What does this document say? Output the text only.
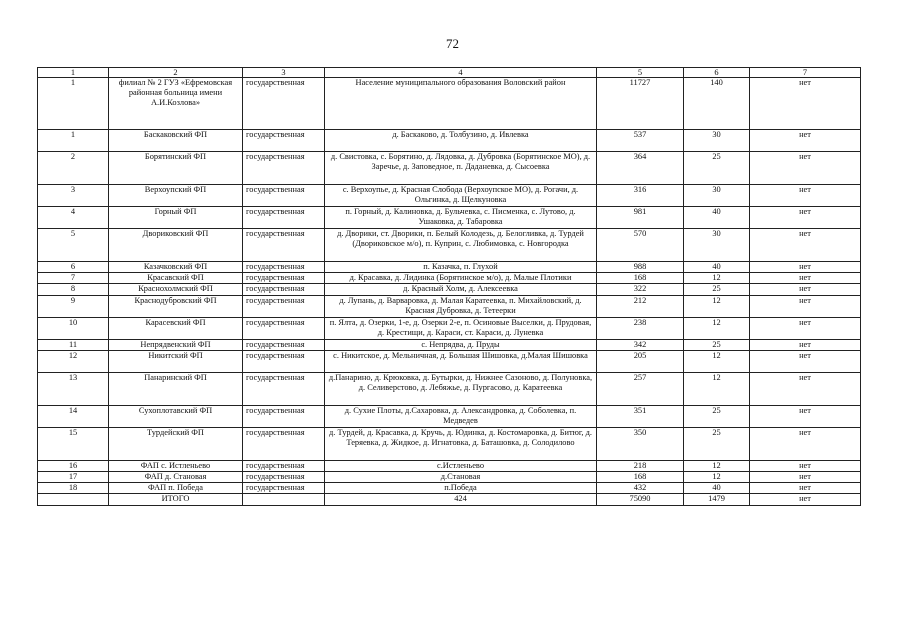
72
1	2	3	4	5	6	7
1	филиал № 2 ГУЗ «Ефремовская районная больница имени А.И.Козлова»	государственная	Население муниципального образования Воловский район	11727	140	нет
1	Баскаковский ФП	государственная	д. Баскаково, д. Толбузино, д. Ивлевка	537	30	нет
2	Борятинский ФП	государственная	д. Свистовка, с. Борятино, д. Лядовка, д. Дубровка (Борятинское МО), д. Заречье, д. Заповедное, п. Даданевка, д. Сысоевка	364	25	нет
3	Верхоупский ФП	государственная	с. Верхоупье, д. Красная Слобода (Верхоупское МО), д. Рогачи, д. Ольгинка, д. Щелкуновка	316	30	нет
4	Горный ФП	государственная	п. Горный, д. Калиновка, д. Бульчевка, с. Писменка, с. Лутово, д. Ушаковка, д. Табаровка	981	40	нет
5	Двориковский ФП	государственная	д. Дворики, ст. Дворики, п. Белый Колодезь, д. Белогливка, д. Турдей (Двориковское м/о), п. Куприн, с. Любимовка, с. Новгородка	570	30	нет
6	Казачковский ФП	государственная	п. Казачка, п. Глухой	988	40	нет
7	Красавский ФП	государственная	д. Красавка, д. Лидинка (Борятинское м/о), д. Малые Плотики	168	12	нет
8	Краснохолмский ФП	государственная	д. Красный Холм, д. Алексеевка	322	25	нет
9	Краснодубровский ФП	государственная	д. Лупань, д. Варваровка, д. Малая Каратеевка, п. Михайловский, д. Красная Дубровка, д. Тетеерки	212	12	нет
10	Карасевский ФП	государственная	п. Ялта, д. Озерки, 1-е, д. Озерки 2-е, п. Осиновые Выселки, д. Прудовая, д. Крестищи, д. Караси, ст. Караси, д. Луневка	238	12	нет
11	Непрядвенский ФП	государственная	с. Непрядва, д. Пруды	342	25	нет
12	Никитский ФП	государственная	с. Никитское, д. Мельничная, д. Большая Шишовка, д.Малая Шишовка	205	12	нет
13	Панаринский ФП	государственная	д.Панарино, д. Крюковка, д. Бутырки, д. Нижнее Сазоново, д. Полуновка, д. Селиверстово, д. Лебяжье, д. Пургасово, д. Каратеевка	257	12	нет
14	Сухоплотавский ФП	государственная	д. Сухие Плоты, д.Сахаровка, д. Александровка, д. Соболевка, п. Медведев	351	25	нет
15	Турдейский ФП	государственная	д. Турдей, д. Красавка, д. Кручь, д. Юдинка, д. Костомаровка, д. Битюг, д. Теряевка, д. Жидкое, д. Игнатовка, д. Баташовка, д. Солодилово	350	25	нет
16	ФАП с. Истленьево	государственная	с.Истленьево	218	12	нет
17	ФАП д. Становая	государственная	д.Становая	168	12	нет
18	ФАП п. Победа	государственная	п.Победа	432	40	нет
	ИТОГО		424	75090	1479	нет
